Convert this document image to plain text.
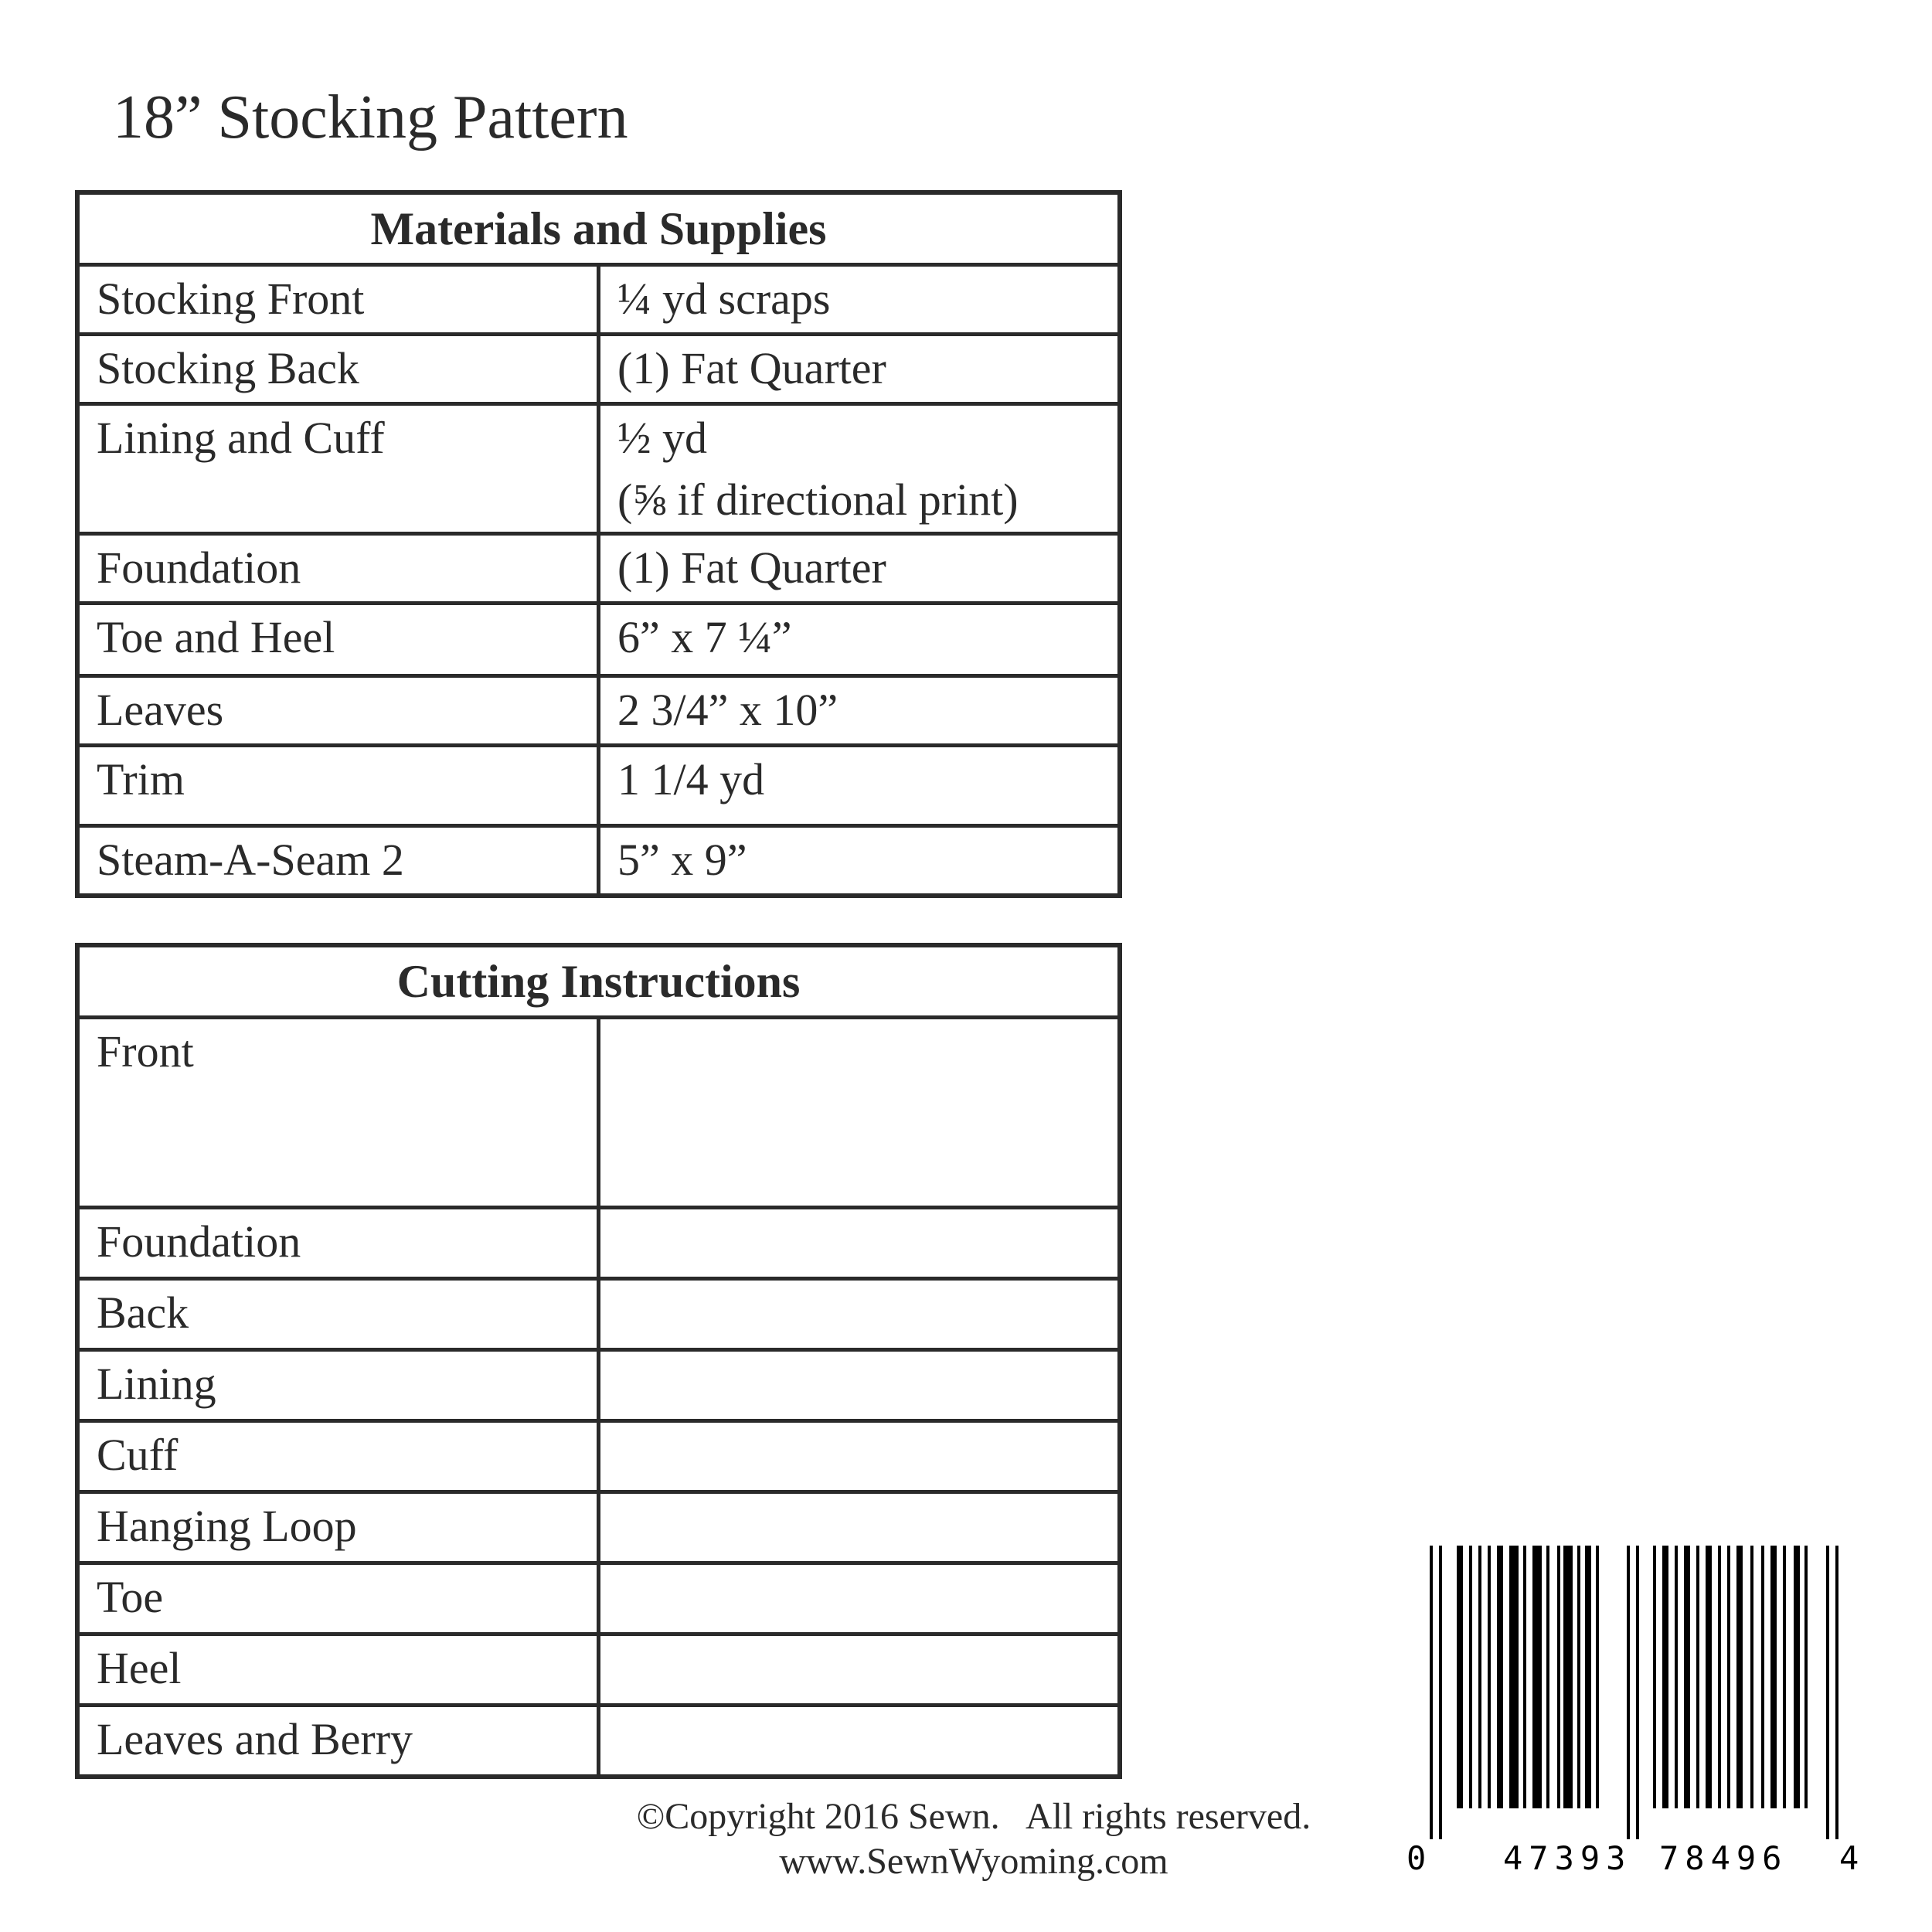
18” Stocking Pattern
Materials and Supplies	

Stocking Front	¼ yd scraps

Stocking Back	(1) Fat Quarter

Lining and Cuff	½ yd
(⅝ if directional print)

Foundation	(1) Fat Quarter

Toe and Heel	6” x 7 ¼”

Leaves	2 3/4” x 10”

Trim	1 1/4 yd

Steam-A-Seam 2	5” x 9”
Cutting Instructions	

Front	

Foundation	

Back	

Lining	

Cuff	

Hanging Loop	

Toe	

Heel	

Leaves and Berry	

©Copyright 2016 Sewn.   All rights reserved.
www.SewnWyoming.com	0 47393 78496 4
